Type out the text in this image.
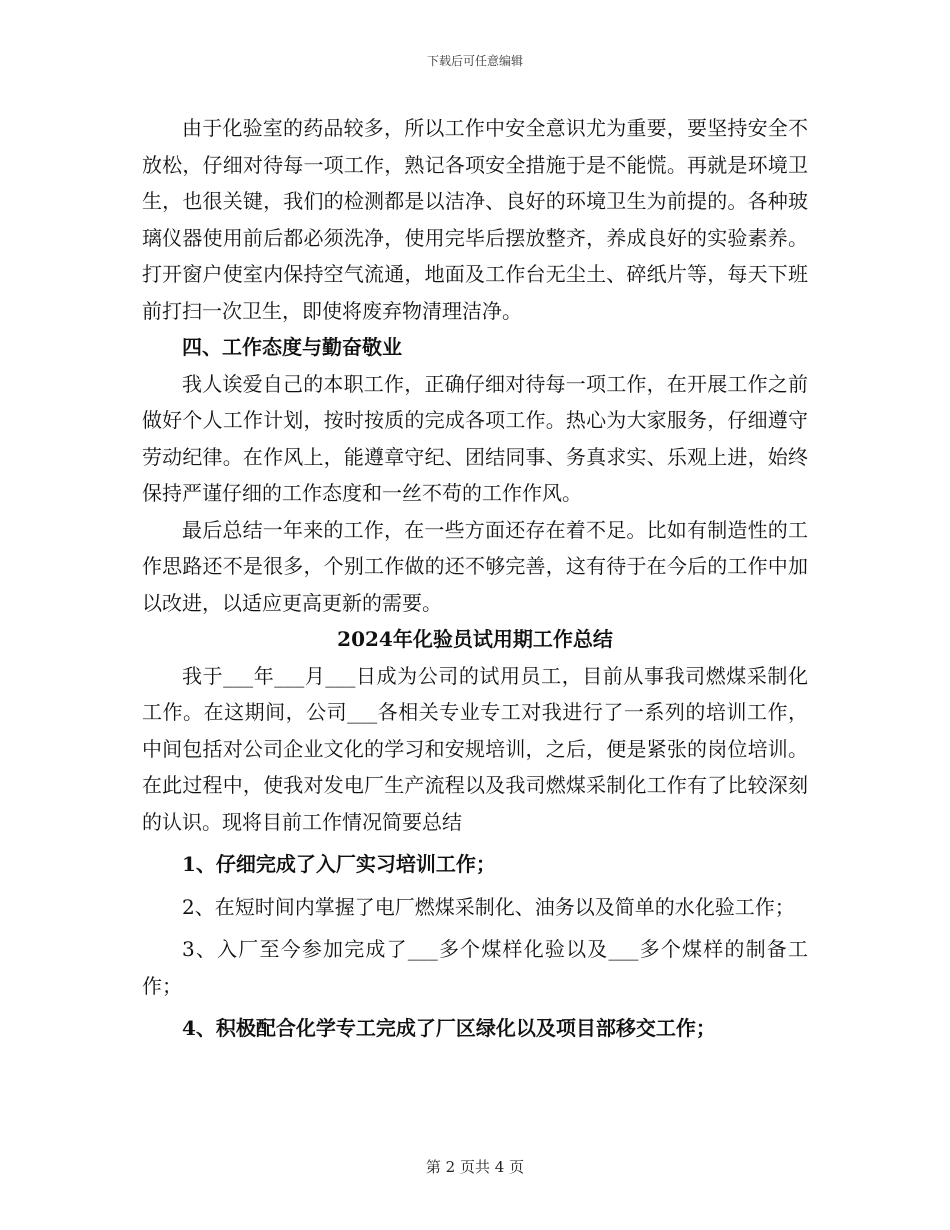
下载后可任意编辑

由于化验室的药品较多，所以工作中安全意识尤为重要，要坚持安全不放松，仔细对待每一项工作，熟记各项安全措施于是不能慌。再就是环境卫生，也很关键，我们的检测都是以洁净、良好的环境卫生为前提的。各种玻璃仪器使用前后都必须洗净，使用完毕后摆放整齐，养成良好的实验素养。打开窗户使室内保持空气流通，地面及工作台无尘土、碎纸片等，每天下班前打扫一次卫生，即使将废弃物清理洁净。

四、工作态度与勤奋敬业

我人诶爱自己的本职工作，正确仔细对待每一项工作，在开展工作之前做好个人工作计划，按时按质的完成各项工作。热心为大家服务，仔细遵守劳动纪律。在作风上，能遵章守纪、团结同事、务真求实、乐观上进，始终保持严谨仔细的工作态度和一丝不苟的工作作风。

最后总结一年来的工作，在一些方面还存在着不足。比如有制造性的工作思路还不是很多，个别工作做的还不够完善，这有待于在今后的工作中加以改进，以适应更高更新的需要。

2024年化验员试用期工作总结

我于___年___月___日成为公司的试用员工，目前从事我司燃煤采制化工作。在这期间，公司___各相关专业专工对我进行了一系列的培训工作，中间包括对公司企业文化的学习和安规培训，之后，便是紧张的岗位培训。在此过程中，使我对发电厂生产流程以及我司燃煤采制化工作有了比较深刻的认识。现将目前工作情况简要总结

1、仔细完成了入厂实习培训工作；

2、在短时间内掌握了电厂燃煤采制化、油务以及简单的水化验工作；

3、入厂至今参加完成了___多个煤样化验以及___多个煤样的制备工作；

4、积极配合化学专工完成了厂区绿化以及项目部移交工作；

第 2 页共 4 页
